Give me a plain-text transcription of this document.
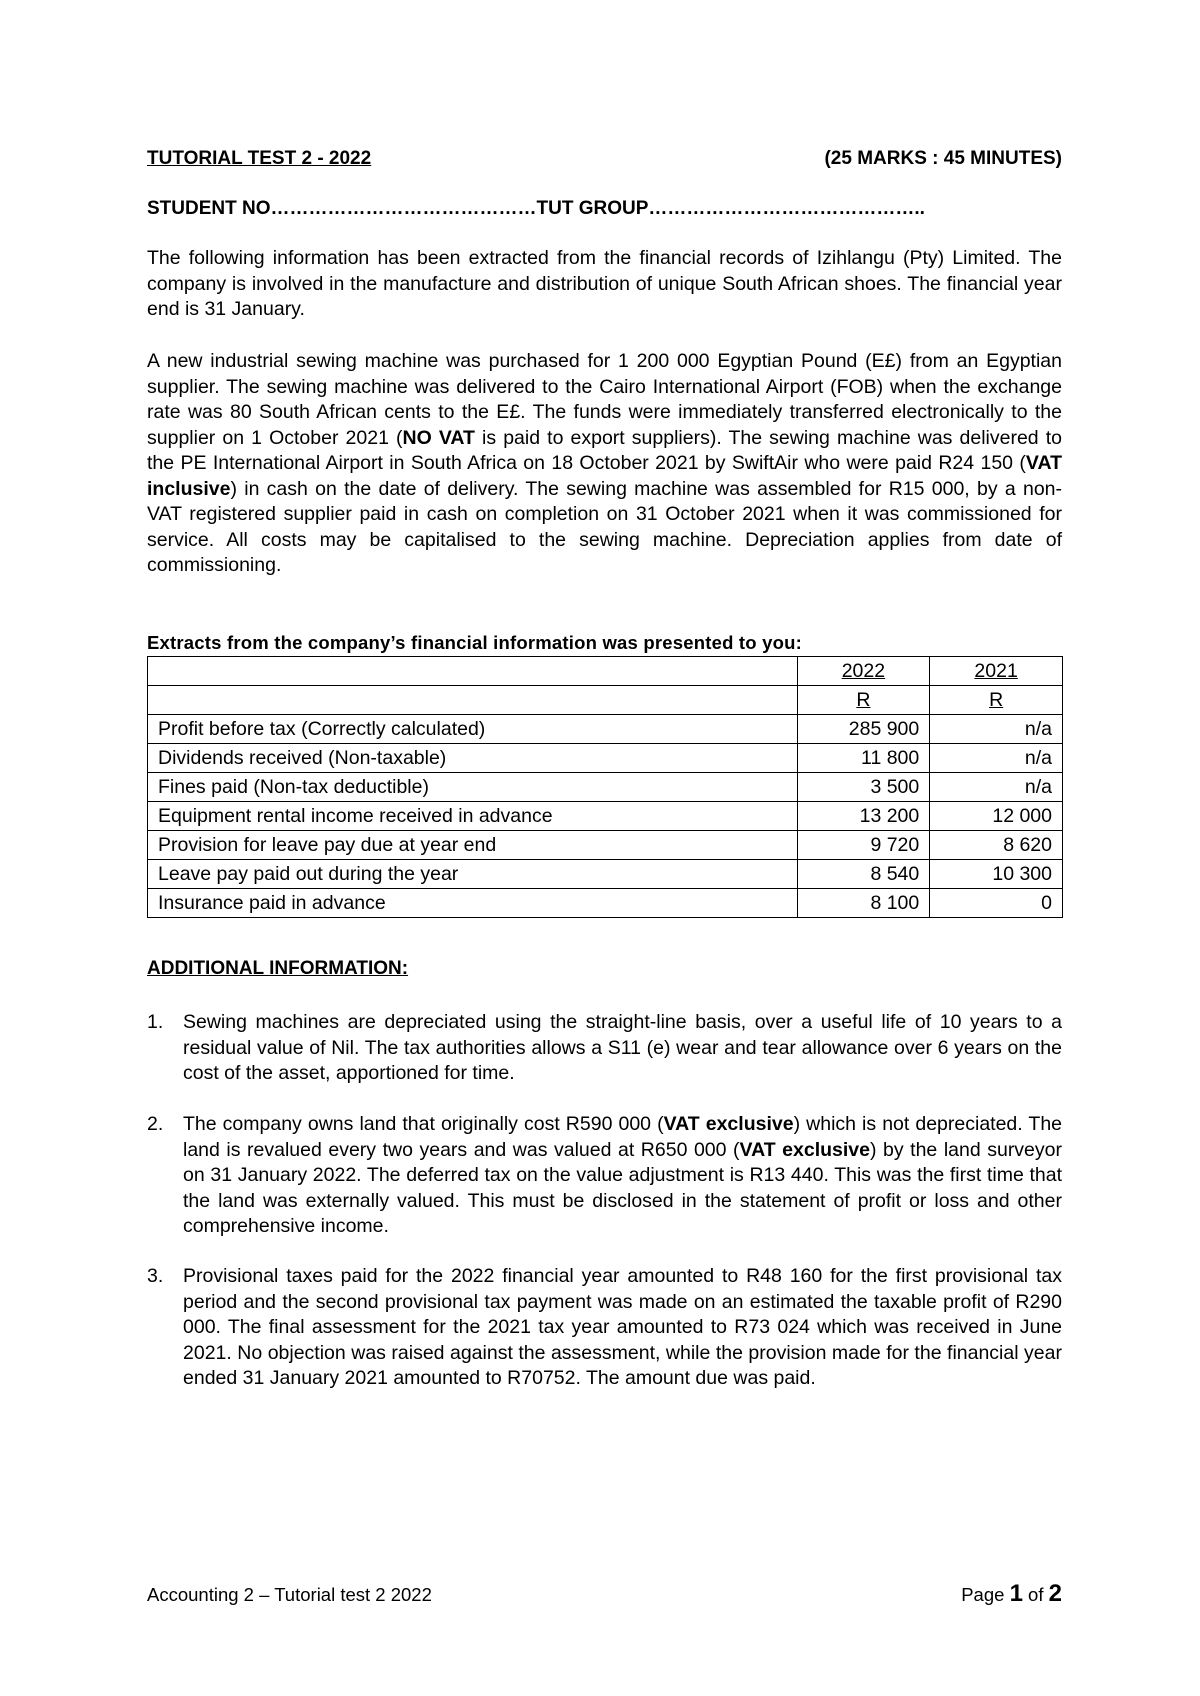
TUTORIAL TEST 2 - 2022	(25 MARKS : 45 MINUTES)
STUDENT NO……………………………………TUT GROUP……………………………………..
The following information has been extracted from the financial records of Izihlangu (Pty) Limited. The company is involved in the manufacture and distribution of unique South African shoes. The financial year end is 31 January.
A new industrial sewing machine was purchased for 1 200 000 Egyptian Pound (E£) from an Egyptian supplier. The sewing machine was delivered to the Cairo International Airport (FOB) when the exchange rate was 80 South African cents to the E£. The funds were immediately transferred electronically to the supplier on 1 October 2021 (NO VAT is paid to export suppliers). The sewing machine was delivered to the PE International Airport in South Africa on 18 October 2021 by SwiftAir who were paid R24 150 (VAT inclusive) in cash on the date of delivery. The sewing machine was assembled for R15 000, by a non-VAT registered supplier paid in cash on completion on 31 October 2021 when it was commissioned for service. All costs may be capitalised to the sewing machine. Depreciation applies from date of commissioning.
Extracts from the company’s financial information was presented to you:
	2022	2021
	R	R
Profit before tax (Correctly calculated)	285 900	n/a
Dividends received (Non-taxable)	11 800	n/a
Fines paid (Non-tax deductible)	3 500	n/a
Equipment rental income received in advance	13 200	12 000
Provision for leave pay due at year end	9 720	8 620
Leave pay paid out during the year	8 540	10 300
Insurance paid in advance	8 100	0
ADDITIONAL INFORMATION:
1. Sewing machines are depreciated using the straight-line basis, over a useful life of 10 years to a residual value of Nil. The tax authorities allows a S11 (e) wear and tear allowance over 6 years on the cost of the asset, apportioned for time.
2. The company owns land that originally cost R590 000 (VAT exclusive) which is not depreciated. The land is revalued every two years and was valued at R650 000 (VAT exclusive) by the land surveyor on 31 January 2022. The deferred tax on the value adjustment is R13 440. This was the first time that the land was externally valued. This must be disclosed in the statement of profit or loss and other comprehensive income.
3. Provisional taxes paid for the 2022 financial year amounted to R48 160 for the first provisional tax period and the second provisional tax payment was made on an estimated the taxable profit of R290 000. The final assessment for the 2021 tax year amounted to R73 024 which was received in June 2021. No objection was raised against the assessment, while the provision made for the financial year ended 31 January 2021 amounted to R70752. The amount due was paid.
Accounting 2 – Tutorial test 2 2022	Page 1 of 2
